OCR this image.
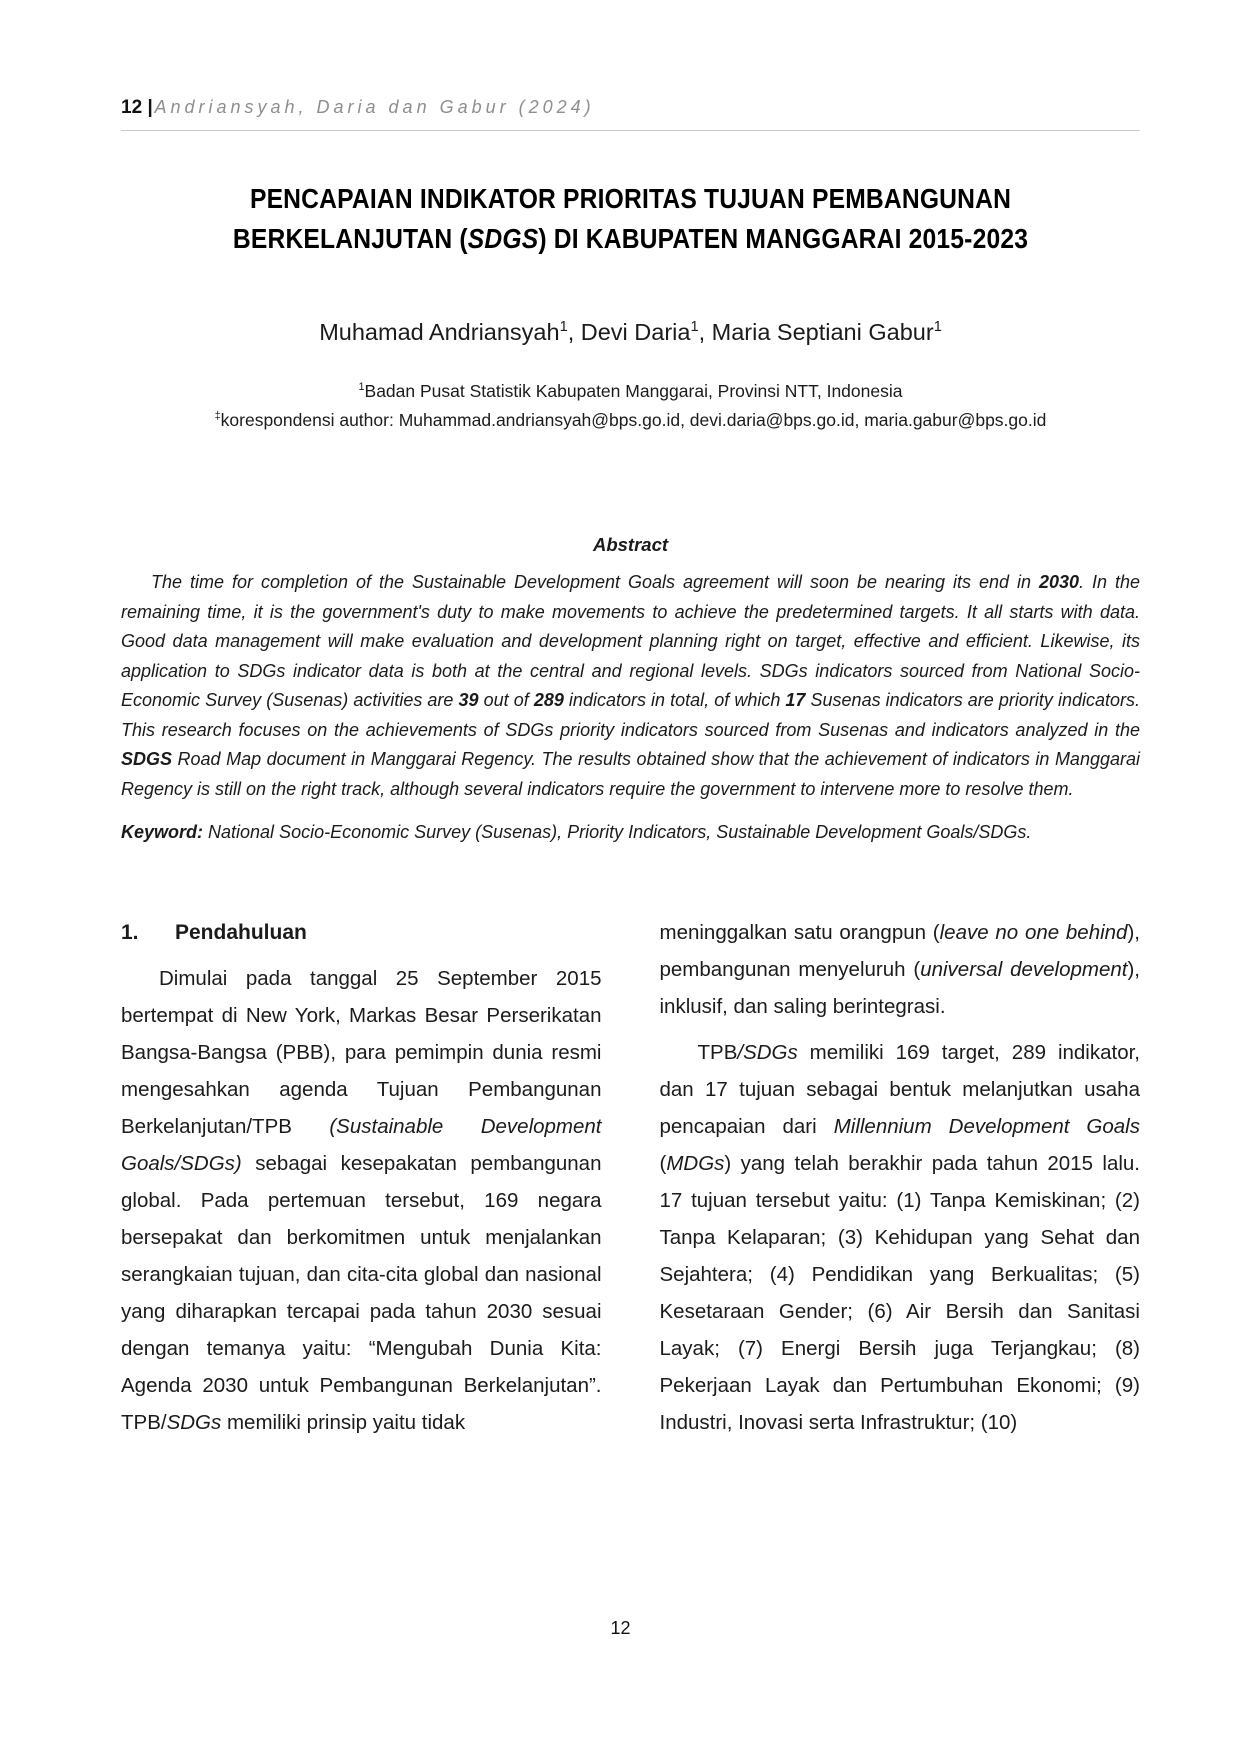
12 | Andriansyah, Daria dan Gabur (2024)
PENCAPAIAN INDIKATOR PRIORITAS TUJUAN PEMBANGUNAN
BERKELANJUTAN (SDGS) DI KABUPATEN MANGGARAI 2015-2023
Muhamad Andriansyah$^1$, Devi Daria$^1$, Maria Septiani Gabur$^1$
$^1$Badan Pusat Statistik Kabupaten Manggarai, Provinsi NTT, Indonesia
‡korespondensi author: Muhammad.andriansyah@bps.go.id, devi.daria@bps.go.id, maria.gabur@bps.go.id
Abstract

The time for completion of the Sustainable Development Goals agreement will soon be nearing its end in 2030. In the remaining time, it is the government's duty to make movements to achieve the predetermined targets. It all starts with data. Good data management will make evaluation and development planning right on target, effective and efficient. Likewise, its application to SDGs indicator data is both at the central and regional levels. SDGs indicators sourced from National Socio-Economic Survey (Susenas) activities are 39 out of 289 indicators in total, of which 17 Susenas indicators are priority indicators. This research focuses on the achievements of SDGs priority indicators sourced from Susenas and indicators analyzed in the SDGS Road Map document in Manggarai Regency. The results obtained show that the achievement of indicators in Manggarai Regency is still on the right track, although several indicators require the government to intervene more to resolve them.

Keyword: National Socio-Economic Survey (Susenas), Priority Indicators, Sustainable Development Goals/SDGs.

1.	Pendahuluan

Dimulai pada tanggal 25 September 2015 bertempat di New York, Markas Besar Perserikatan Bangsa-Bangsa (PBB), para pemimpin dunia resmi mengesahkan agenda Tujuan Pembangunan Berkelanjutan/TPB (Sustainable Development Goals/SDGs) sebagai kesepakatan pembangunan global. Pada pertemuan tersebut, 169 negara bersepakat dan berkomitmen untuk menjalankan serangkaian tujuan, dan cita-cita global dan nasional yang diharapkan tercapai pada tahun 2030 sesuai dengan temanya yaitu: “Mengubah Dunia Kita: Agenda 2030 untuk Pembangunan Berkelanjutan”. TPB/SDGs memiliki prinsip yaitu tidak

meninggalkan satu orangpun (leave no one behind), pembangunan menyeluruh (universal development), inklusif, dan saling berintegrasi.

TPB/SDGs memiliki 169 target, 289 indikator, dan 17 tujuan sebagai bentuk melanjutkan usaha pencapaian dari Millennium Development Goals (MDGs) yang telah berakhir pada tahun 2015 lalu. 17 tujuan tersebut yaitu: (1) Tanpa Kemiskinan; (2) Tanpa Kelaparan; (3) Kehidupan yang Sehat dan Sejahtera; (4) Pendidikan yang Berkualitas; (5) Kesetaraan Gender; (6) Air Bersih dan Sanitasi Layak; (7) Energi Bersih juga Terjangkau; (8) Pekerjaan Layak dan Pertumbuhan Ekonomi; (9) Industri, Inovasi serta Infrastruktur; (10)

12
